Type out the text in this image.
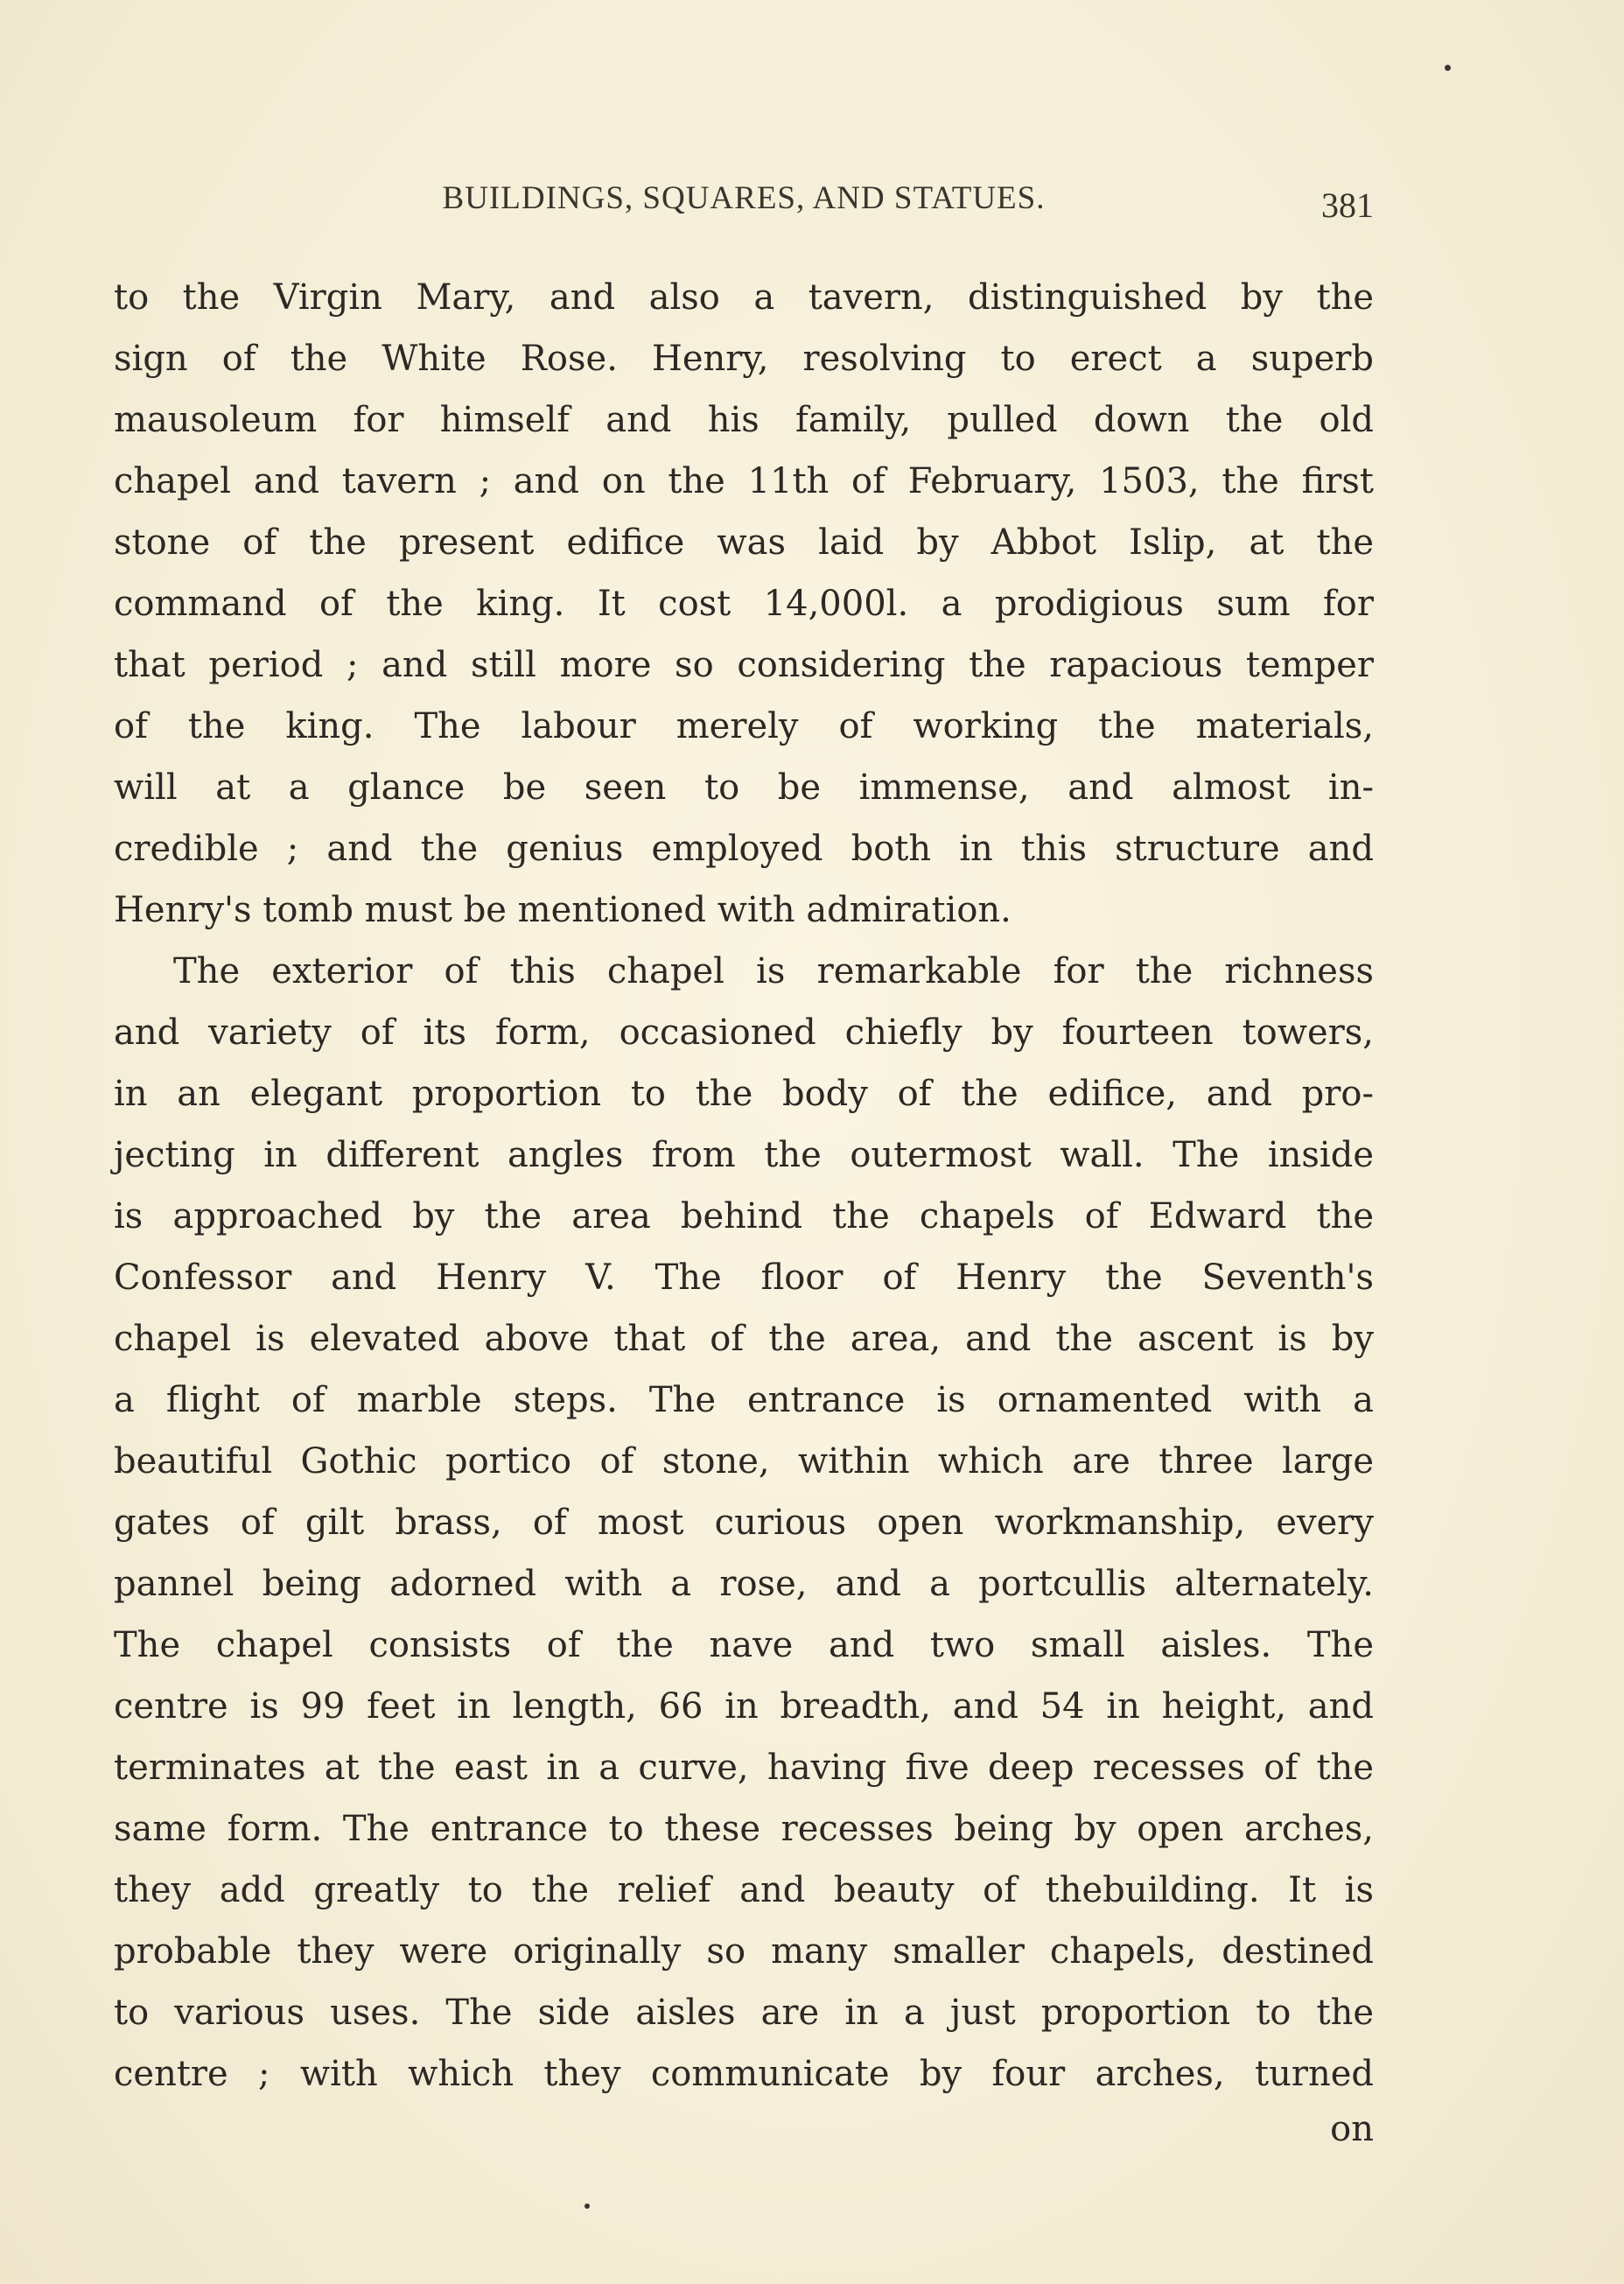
BUILDINGS, SQUARES, AND STATUES.	381
to the Virgin Mary, and also a tavern, distinguished by the
sign of the White Rose. Henry, resolving to erect a superb
mausoleum for himself and his family, pulled down the old
chapel and tavern ; and on the 11th of February, 1503, the first
stone of the present edifice was laid by Abbot Islip, at the
command of the king. It cost 14,000l. a prodigious sum for
that period ; and still more so considering the rapacious temper
of the king. The labour merely of working the materials,
will at a glance be seen to be immense, and almost in-
credible ; and the genius employed both in this structure and
Henry's tomb must be mentioned with admiration.
The exterior of this chapel is remarkable for the richness
and variety of its form, occasioned chiefly by fourteen towers,
in an elegant proportion to the body of the edifice, and pro-
jecting in different angles from the outermost wall. The inside
is approached by the area behind the chapels of Edward the
Confessor and Henry V. The floor of Henry the Seventh's
chapel is elevated above that of the area, and the ascent is by
a flight of marble steps. The entrance is ornamented with a
beautiful Gothic portico of stone, within which are three large
gates of gilt brass, of most curious open workmanship, every
pannel being adorned with a rose, and a portcullis alternately.
The chapel consists of the nave and two small aisles. The
centre is 99 feet in length, 66 in breadth, and 54 in height, and
terminates at the east in a curve, having five deep recesses of the
same form. The entrance to these recesses being by open arches,
they add greatly to the relief and beauty of thebuilding. It is
probable they were originally so many smaller chapels, destined
to various uses. The side aisles are in a just proportion to the
centre ; with which they communicate by four arches, turned
on
